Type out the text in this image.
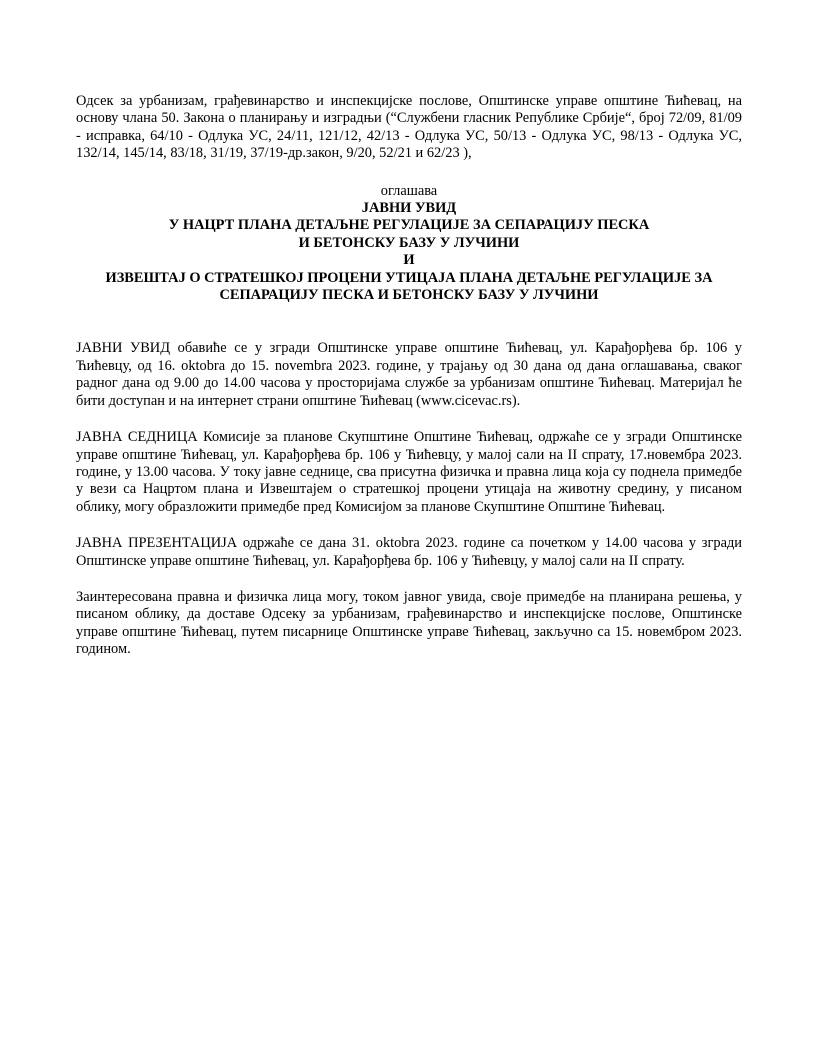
Одсек за урбанизам, грађевинарство и инспекцијске послове, Општинске управе општине Ћићевац, на основу члана 50. Закона о планирању и изградњи (“Службени гласник Републике Србије“, број 72/09, 81/09 - исправка, 64/10 - Одлука УС, 24/11, 121/12, 42/13 - Одлука УС, 50/13 - Одлука УС, 98/13 - Одлука УС, 132/14, 145/14, 83/18, 31/19, 37/19-др.закон, 9/20, 52/21 и 62/23 ),

оглашава
ЈАВНИ УВИД
У НАЦРТ ПЛАНА ДЕТАЉНЕ РЕГУЛАЦИЈЕ ЗА СЕПАРАЦИЈУ ПЕСКА
И БЕТОНСКУ БАЗУ У ЛУЧИНИ
И
ИЗВЕШТАЈ О СТРАТЕШКОЈ ПРОЦЕНИ УТИЦАЈА ПЛАНА ДЕТАЉНЕ РЕГУЛАЦИЈЕ ЗА
СЕПАРАЦИЈУ ПЕСКА И БЕТОНСКУ БАЗУ У ЛУЧИНИ

ЈАВНИ УВИД обавиће се у згради Општинске управе општине Ћићевац, ул. Карађорђева бр. 106 у Ћићевцу, од 16. oktobra до 15. novembra 2023. године, у трајању од 30 дана од дана оглашавања, сваког радног дана од 9.00 до 14.00 часова у просторијама службе за урбанизам општине Ћићевац. Материјал ће бити доступан и на интернет страни општине Ћићевац (www.cicevac.rs).

ЈАВНА СЕДНИЦА Комисије за планове Скупштине Општине Ћићевац, одржаће се у згради Општинске управе општине Ћићевац, ул. Карађорђева бр. 106 у Ћићевцу, у малој сали на II спрату, 17.новембра 2023. године, у 13.00 часова. У току јавне седнице, сва присутна физичка и правна лица која су поднела примедбе у вези са Нацртом плана и Извештајем о стратешкој процени утицаја на животну средину, у писаном облику, могу образложити примедбе пред Комисијом за планове Скупштине Општине Ћићевац.

ЈАВНА ПРЕЗЕНТАЦИЈА одржаће се дана 31. oktobra 2023. године са почетком у 14.00 часова у згради Општинске управе општине Ћићевац, ул. Карађорђева бр. 106 у Ћићевцу, у малој сали на II спрату.

Заинтересована правна и физичка лица могу, током јавног увида, своје примедбе на планирана решења, у писаном облику, да доставе Одсеку за урбанизам, грађевинарство и инспекцијске послове, Општинске управе општине Ћићевац, путем писарнице Општинске управе Ћићевац, закључно са 15. новембром 2023. годином.
